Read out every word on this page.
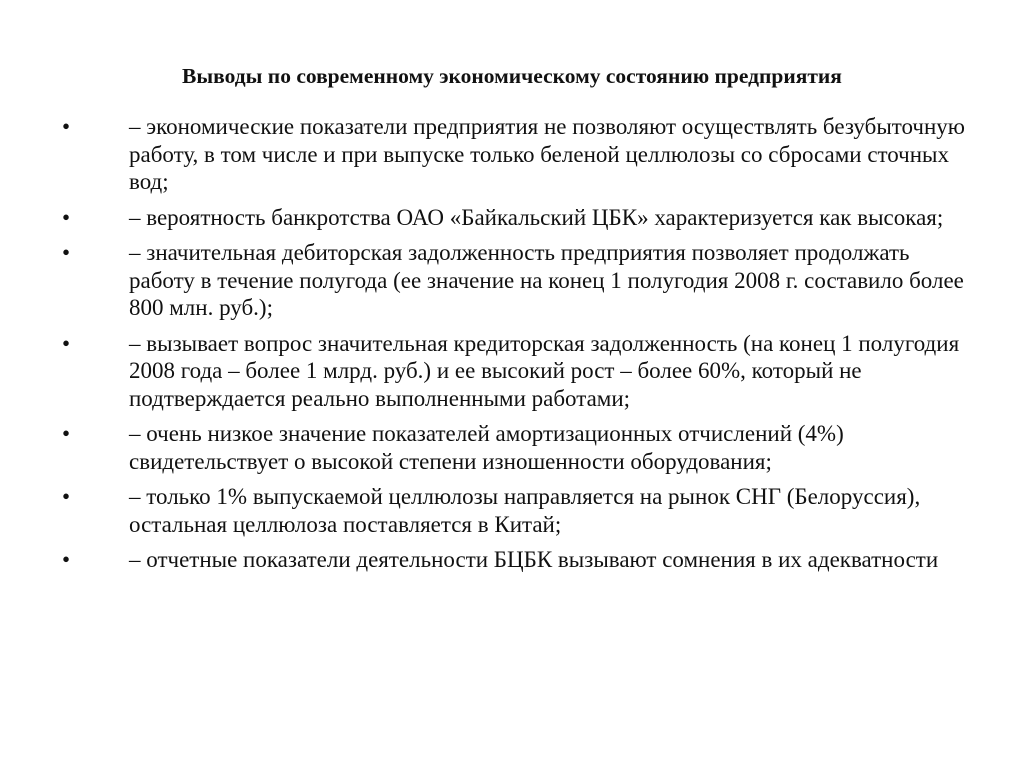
Выводы по современному экономическому состоянию предприятия
•	– экономические показатели предприятия не позволяют осуществлять безубыточную работу, в том числе и при выпуске только беленой целлюлозы со сбросами сточных вод;
•	– вероятность банкротства ОАО «Байкальский ЦБК» характеризуется как высокая;
•	– значительная дебиторская задолженность предприятия позволяет продолжать работу в течение полугода (ее значение на конец 1 полугодия 2008 г. составило более 800 млн. руб.);
•	– вызывает вопрос значительная кредиторская задолженность (на конец 1 полугодия 2008 года – более 1 млрд. руб.) и ее высокий рост – более 60%, который не подтверждается реально выполненными работами;
•	– очень низкое значение показателей амортизационных отчислений (4%) свидетельствует о высокой степени изношенности оборудования;
•	– только 1% выпускаемой целлюлозы направляется на рынок СНГ (Белоруссия), остальная целлюлоза поставляется в Китай;
•	– отчетные показатели деятельности БЦБК вызывают сомнения в их адекватности
